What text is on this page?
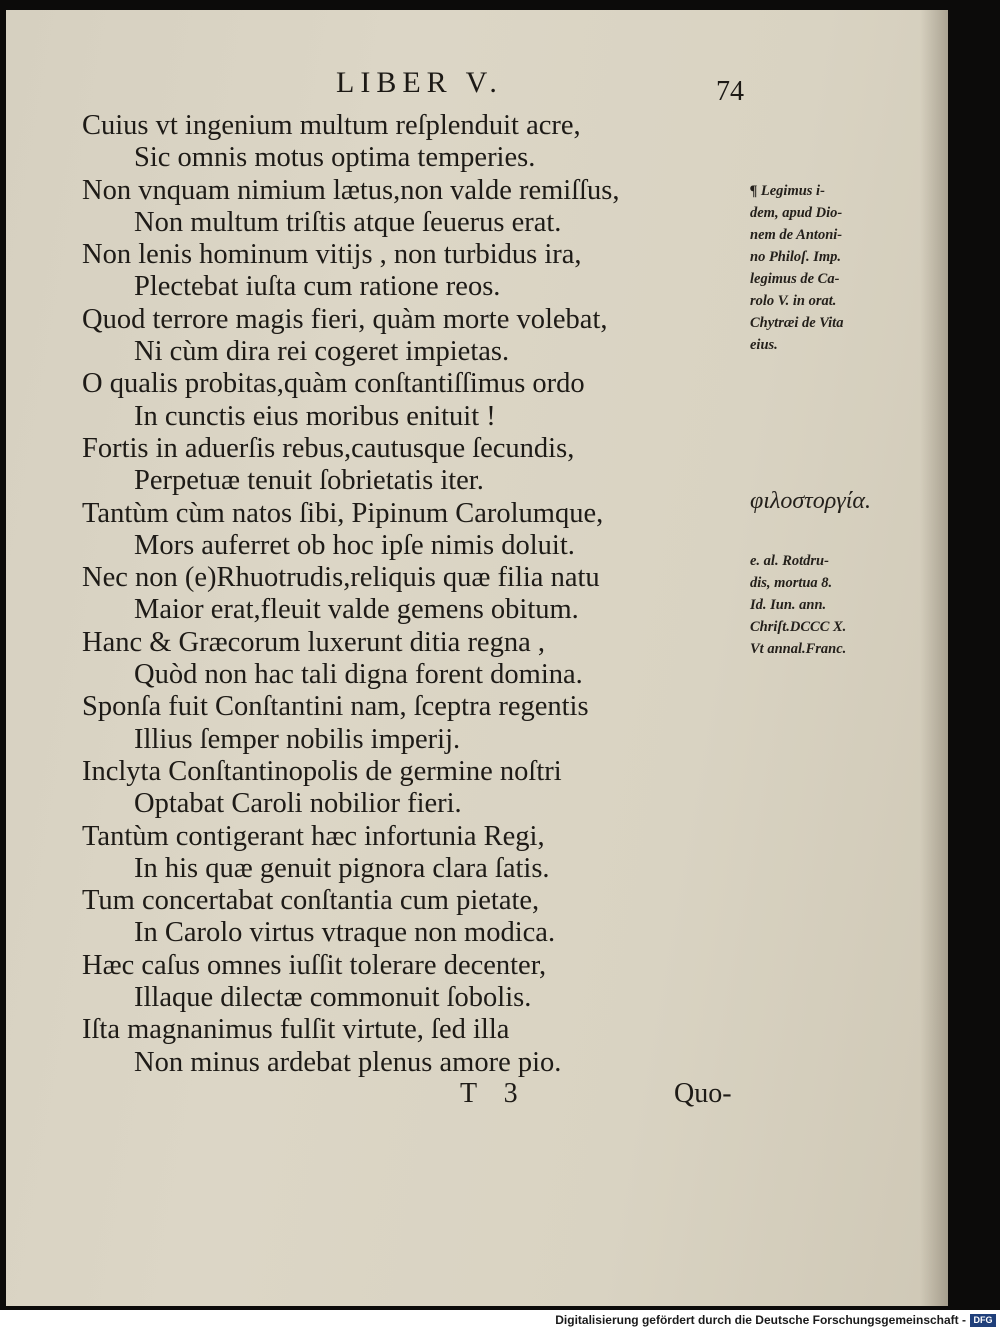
LIBER V.	74
Cuius vt ingenium multum reſplenduit acre,
Sic omnis motus optima temperies.
Non vnquam nimium lætus,non valde remiſſus,
Non multum triſtis atque ſeuerus erat.
Non lenis hominum vitijs , non turbidus ira,
Plectebat iuſta cum ratione reos.
Quod terrore magis fieri, quàm morte volebat,
Ni cùm dira rei cogeret impietas.
O qualis probitas,quàm conſtantiſſimus ordo
In cunctis eius moribus enituit !
Fortis in aduerſis rebus,cautusque ſecundis,
Perpetuæ tenuit ſobrietatis iter.
Tantùm cùm natos ſibi, Pipinum Carolumque,
Mors auferret ob hoc ipſe nimis doluit.
Nec non (e)Rhuotrudis,reliquis quæ filia natu
Maior erat,fleuit valde gemens obitum.
Hanc & Græcorum luxerunt ditia regna ,
Quòd non hac tali digna forent domina.
Sponſa fuit Conſtantini nam, ſceptra regentis
Illius ſemper nobilis imperij.
Inclyta Conſtantinopolis de germine noſtri
Optabat Caroli nobilior fieri.
Tantùm contigerant hæc infortunia Regi,
In his quæ genuit pignora clara ſatis.
Tum concertabat conſtantia cum pietate,
In Carolo virtus vtraque non modica.
Hæc caſus omnes iuſſit tolerare decenter,
Illaque dilectæ commonuit ſobolis.
Iſta magnanimus fulſit virtute, ſed illa
Non minus ardebat plenus amore pio.
¶ Legimus i-
dem, apud Dio-
nem de Antoni-
no Philoſ. Imp.
legimus de Ca-
rolo V. in orat.
Chytræi de Vita
eius.
φιλοστοργία.
e. al. Rotdru-
dis, mortua 8.
Id. Iun. ann.
Chriſt.DCCC X.
Vt annal.Franc.
T 3	Quo-
Digitalisierung gefördert durch die Deutsche Forschungsgemeinschaft - DFG
